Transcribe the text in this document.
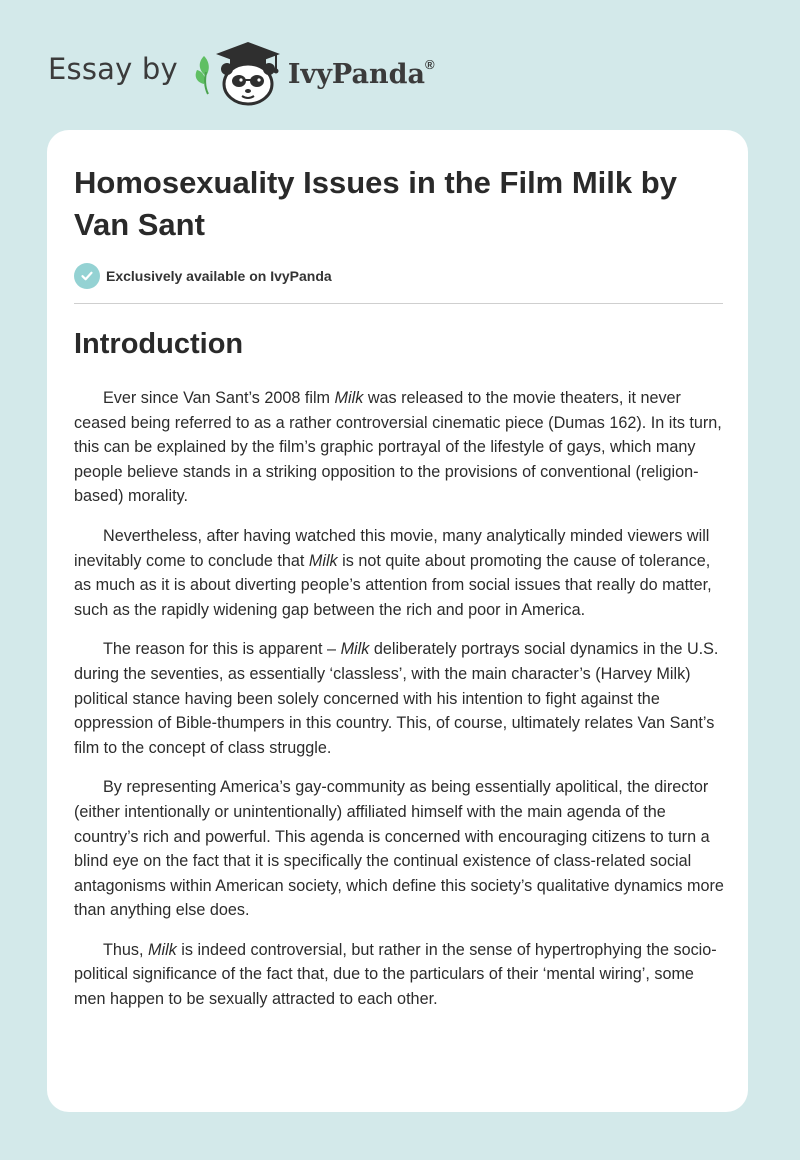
Essay by	IvyPanda®
Homosexuality Issues in the Film Milk by Van Sant
Exclusively available on IvyPanda
Introduction

Ever since Van Sant’s 2008 film Milk was released to the movie theaters, it never ceased being referred to as a rather controversial cinematic piece (Dumas 162). In its turn, this can be explained by the film’s graphic portrayal of the lifestyle of gays, which many people believe stands in a striking opposition to the provisions of conventional (religion-based) morality.

Nevertheless, after having watched this movie, many analytically minded viewers will inevitably come to conclude that Milk is not quite about promoting the cause of tolerance, as much as it is about diverting people’s attention from social issues that really do matter, such as the rapidly widening gap between the rich and poor in America.

The reason for this is apparent – Milk deliberately portrays social dynamics in the U.S. during the seventies, as essentially ‘classless’, with the main character’s (Harvey Milk) political stance having been solely concerned with his intention to fight against the oppression of Bible-thumpers in this country. This, of course, ultimately relates Van Sant’s film to the concept of class struggle.

By representing America’s gay-community as being essentially apolitical, the director (either intentionally or unintentionally) affiliated himself with the main agenda of the country’s rich and powerful. This agenda is concerned with encouraging citizens to turn a blind eye on the fact that it is specifically the continual existence of class-related social antagonisms within American society, which define this society’s qualitative dynamics more than anything else does.

Thus, Milk is indeed controversial, but rather in the sense of hypertrophying the socio-political significance of the fact that, due to the particulars of their ‘mental wiring’, some men happen to be sexually attracted to each other.
